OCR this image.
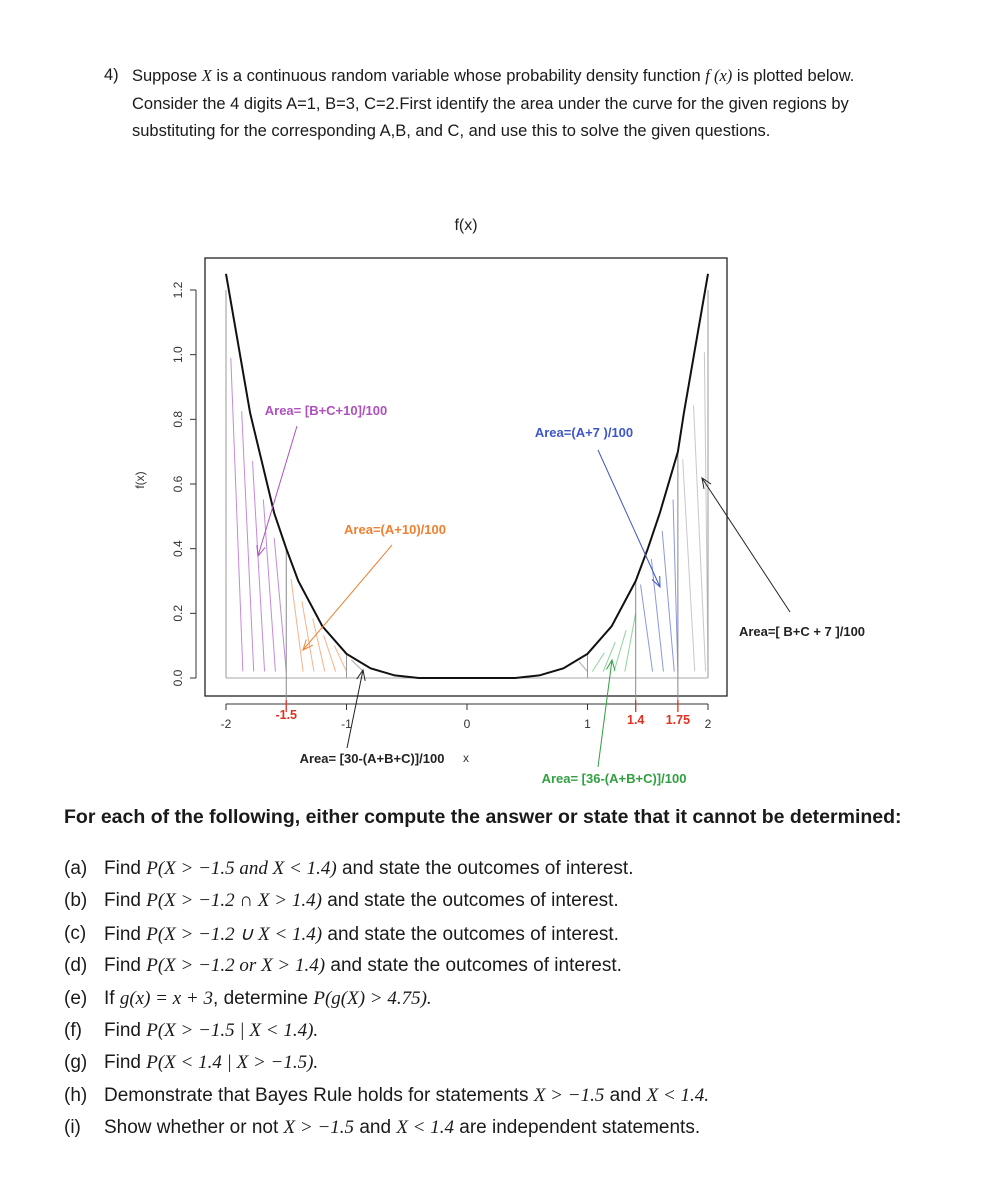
4) Suppose X is a continuous random variable whose probability density function f (x) is plotted below. Consider the 4 digits A=1, B=3, C=2.First identify the area under the curve for the given regions by substituting for the corresponding A,B, and C, and use this to solve the given questions.
-2	-1	0	1	2
0.0
0.2
0.4
0.6
0.8
1.0
1.2
x
-1.5	1.4 1.75
Area= [B+C+10]/100
Area=(A+10)/100
Area= [30-(A+B+C)]/100
Area=(A+7 )/100
Area=[ B+C + 7 ]/100
Area= [36-(A+B+C)]/100
f(x)
f(x)
For each of the following, either compute the answer or state that it cannot be determined:
(a) Find P(X > −1.5 and X < 1.4) and state the outcomes of interest.
(b) Find P(X > −1.2 ∩ X > 1.4) and state the outcomes of interest.
(c) Find P(X > −1.2 ∪ X < 1.4) and state the outcomes of interest.
(d) Find P(X > −1.2 or X > 1.4) and state the outcomes of interest.
(e) If g(x) = x + 3, determine P(g(X) > 4.75).
(f) Find P(X > −1.5 | X < 1.4).
(g) Find P(X < 1.4 | X > −1.5).
(h) Demonstrate that Bayes Rule holds for statements X > −1.5 and X < 1.4.
(i) Show whether or not X > −1.5 and X < 1.4 are independent statements.
